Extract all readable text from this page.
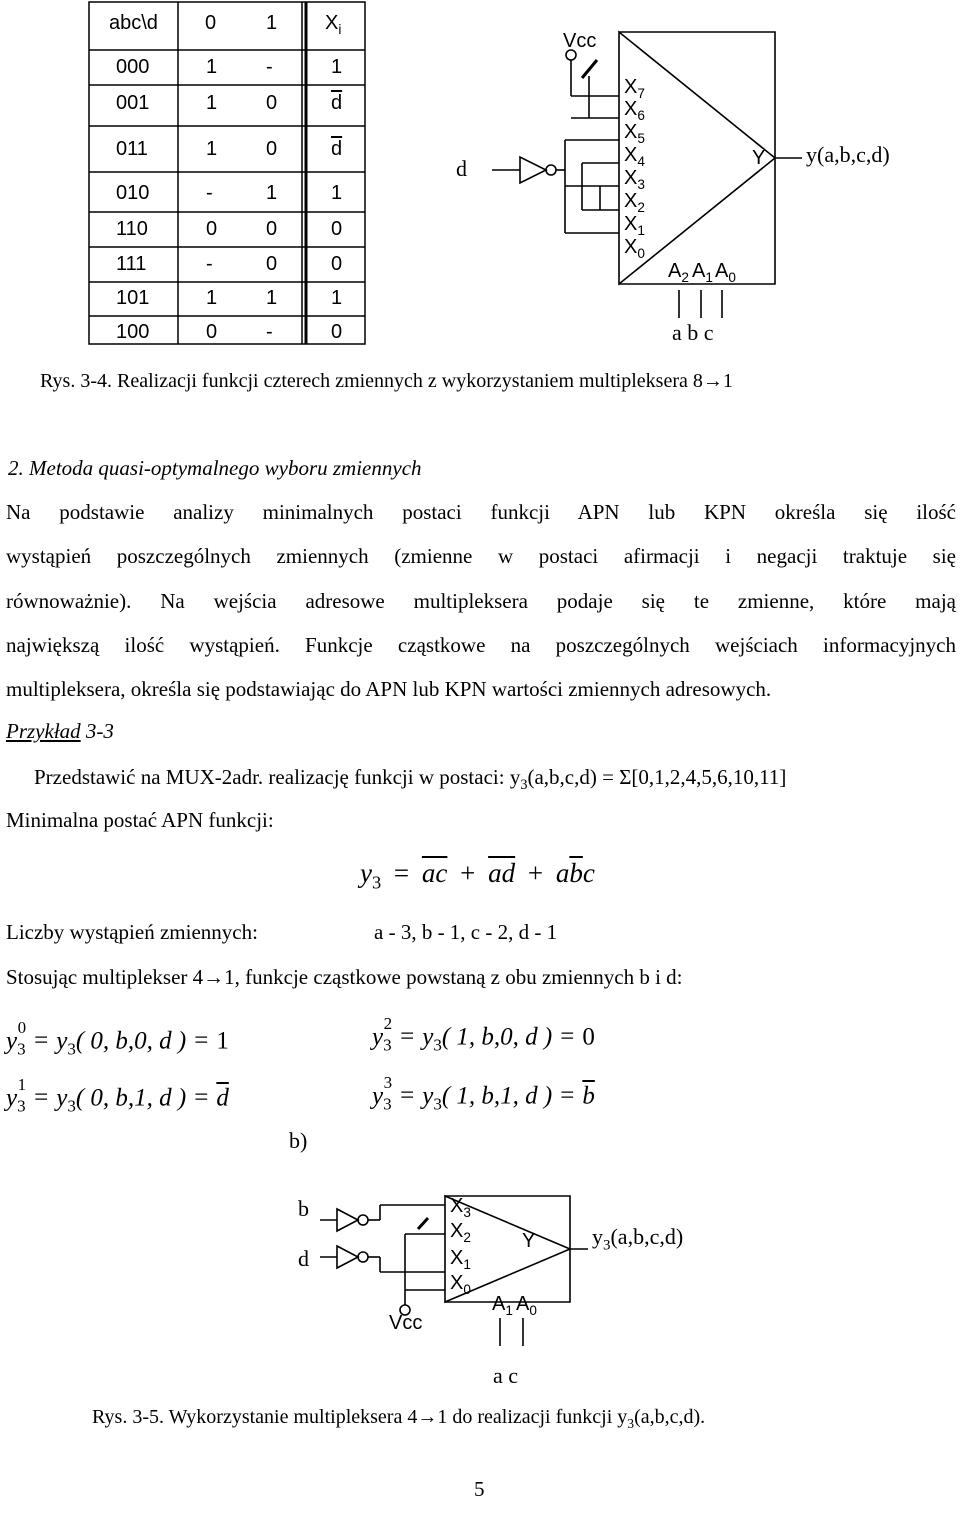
abc\d 0 1 $X_i$
000	1 -	1
001	1 0	$\overline{d}$
011	1 0	$\overline{d}$
010	-	1	1
110	0 0	0
111	-	0	0
101	1 1	1
100	0 -	0
Vcc
d
$X_7$
$X_6$
$X_5$
$X_4$
$X_3$
$X_2$
$X_1$
$X_0$
Y y(a,b,c,d)
$A_2$ $A_1$ $A_0$
a b c
Rys. 3-4. Realizacji funkcji czterech zmiennych z wykorzystaniem multipleksera 8→1
2. Metoda quasi-optymalnego wyboru zmiennych
Na podstawie analizy minimalnych postaci funkcji APN lub KPN określa się ilość
wystąpień poszczególnych zmiennych (zmienne w postaci afirmacji i negacji traktuje się
równoważnie). Na wejścia adresowe multipleksera podaje się te zmienne, które mają
największą ilość wystąpień. Funkcje cząstkowe na poszczególnych wejściach informacyjnych
multipleksera, określa się podstawiając do APN lub KPN wartości zmiennych adresowych.
Przykład 3-3
Przedstawić na MUX-2adr. realizację funkcji w postaci: $y_3(a,b,c,d) = \Sigma[0,1,2,4,5,6,10,11]$
Minimalna postać APN funkcji:
$y_3 = \overline{ac} + \overline{ad} + a\overline{b}c$
Liczby wystąpień zmiennych:	a - 3, b - 1, c - 2, d - 1
Stosując multiplekser 4→1, funkcje cząstkowe powstaną z obu zmiennych b i d:
$y_3^0 = y_3$( 0, b,0, d ) = 1
$y_3^1 = y_3$( 0, b,1, d ) = $\overline{d}$
$y_3^2 = y_3$( 1, b,0, d ) = 0
$y_3^3 = y_3$( 1, b,1, d ) = $\overline{b}$
b)
b
d
Vcc
$X_3$
$X_2$
$X_1$
$X_0$
Y	$y_3(a,b,c,d)$
$A_1$ $A_0$
a c
Rys. 3-5. Wykorzystanie multipleksera 4→1 do realizacji funkcji $y_3(a,b,c,d)$.
5
